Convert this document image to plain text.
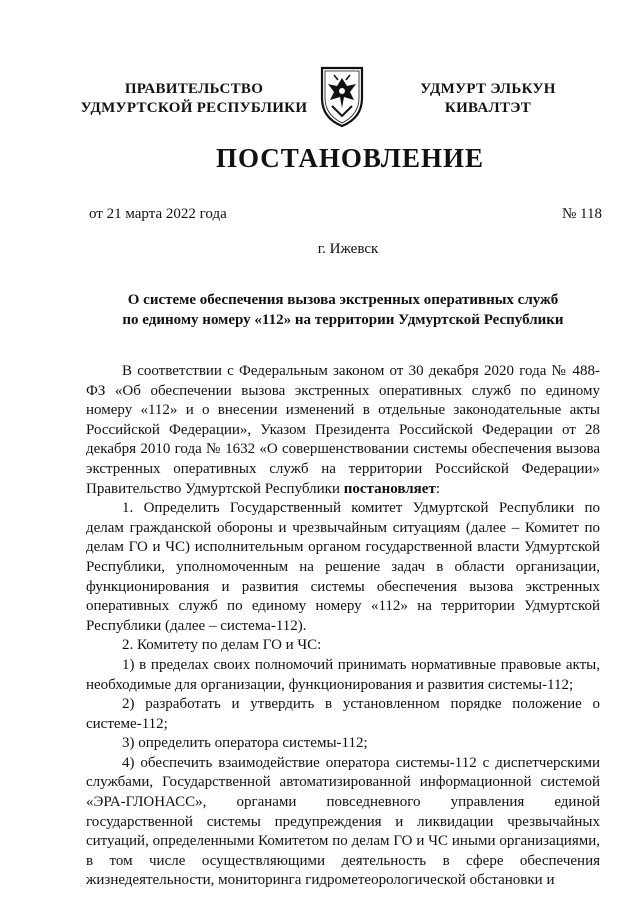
ПРАВИТЕЛЬСТВО
УДМУРТСКОЙ РЕСПУБЛИКИ
УДМУРТ ЭЛЬКУН
КИВАЛТЭТ
ПОСТАНОВЛЕНИЕ
от 21 марта 2022 года	№ 118
г. Ижевск
О системе обеспечения вызова экстренных оперативных служб
по единому номеру «112» на территории Удмуртской Республики

В соответствии с Федеральным законом от 30 декабря 2020 года № 488-ФЗ «Об обеспечении вызова экстренных оперативных служб по единому номеру «112» и о внесении изменений в отдельные законодательные акты Российской Федерации», Указом Президента Российской Федерации от 28 декабря 2010 года № 1632 «О совершенствовании системы обеспечения вызова экстренных оперативных служб на территории Российской Федерации» Правительство Удмуртской Республики постановляет:

1. Определить Государственный комитет Удмуртской Республики по делам гражданской обороны и чрезвычайным ситуациям (далее – Комитет по делам ГО и ЧС) исполнительным органом государственной власти Удмуртской Республики, уполномоченным на решение задач в области организации, функционирования и развития системы обеспечения вызова экстренных оперативных служб по единому номеру «112» на территории Удмуртской Республики (далее – система-112).

2. Комитету по делам ГО и ЧС:

1) в пределах своих полномочий принимать нормативные правовые акты, необходимые для организации, функционирования и развития системы-112;

2) разработать и утвердить в установленном порядке положение о системе-112;

3) определить оператора системы-112;

4) обеспечить взаимодействие оператора системы-112 с диспетчерскими службами, Государственной автоматизированной информационной системой «ЭРА-ГЛОНАСС», органами повседневного управления единой государственной системы предупреждения и ликвидации чрезвычайных ситуаций, определенными Комитетом по делам ГО и ЧС иными организациями, в том числе осуществляющими деятельность в сфере обеспечения жизнедеятельности, мониторинга гидрометеорологической обстановки и
